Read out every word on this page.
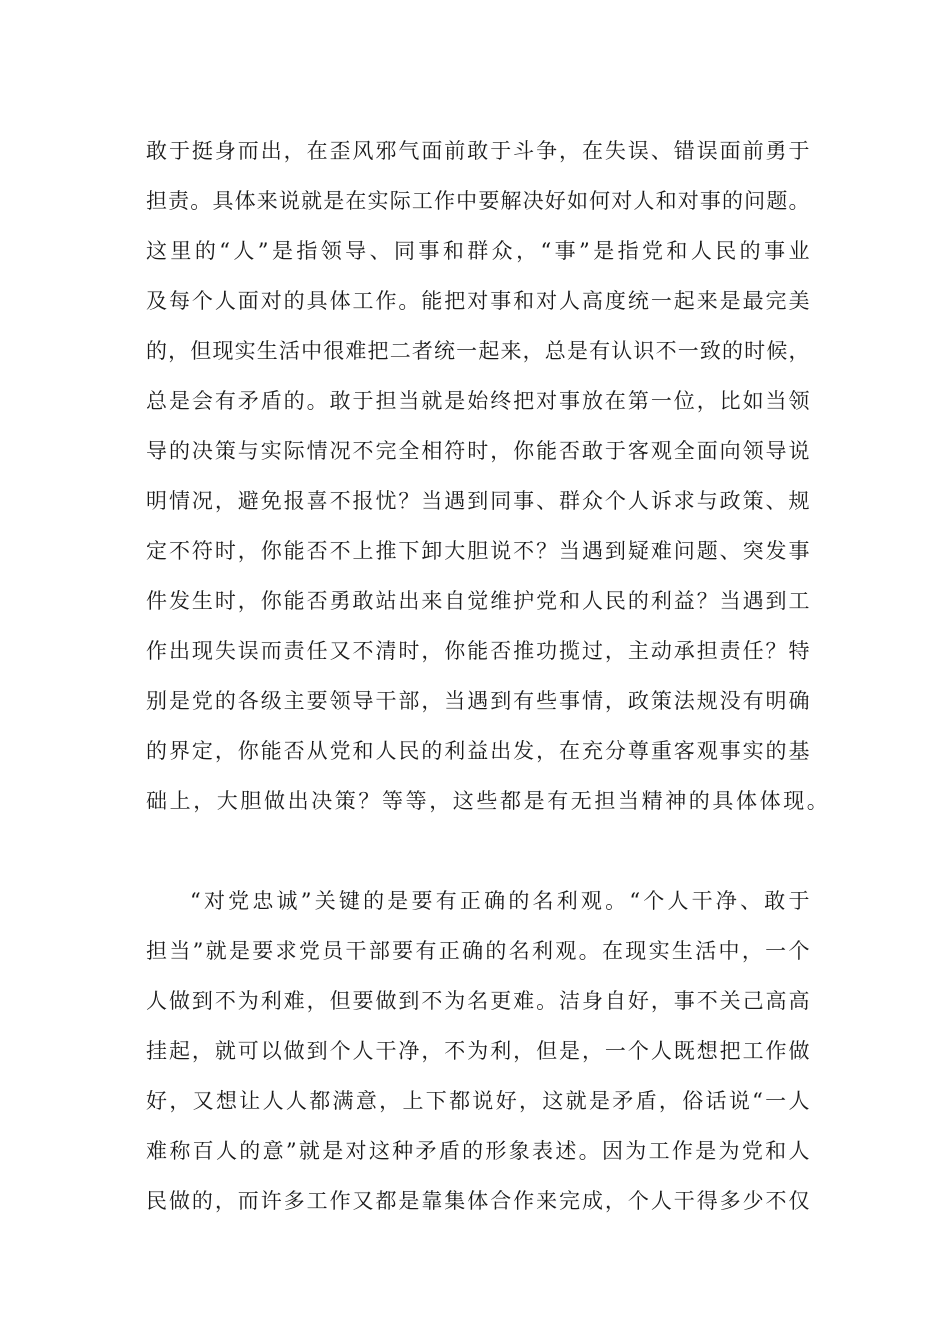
敢于挺身而出，在歪风邪气面前敢于斗争，在失误、错误面前勇于
担责。具体来说就是在实际工作中要解决好如何对人和对事的问题。
这里的“人”是指领导、同事和群众，“事”是指党和人民的事业
及每个人面对的具体工作。能把对事和对人高度统一起来是最完美
的，但现实生活中很难把二者统一起来，总是有认识不一致的时候，
总是会有矛盾的。敢于担当就是始终把对事放在第一位，比如当领
导的决策与实际情况不完全相符时，你能否敢于客观全面向领导说
明情况，避免报喜不报忧？当遇到同事、群众个人诉求与政策、规
定不符时，你能否不上推下卸大胆说不？当遇到疑难问题、突发事
件发生时，你能否勇敢站出来自觉维护党和人民的利益？当遇到工
作出现失误而责任又不清时，你能否推功揽过，主动承担责任？特
别是党的各级主要领导干部，当遇到有些事情，政策法规没有明确
的界定，你能否从党和人民的利益出发，在充分尊重客观事实的基
础上，大胆做出决策？等等，这些都是有无担当精神的具体体现。
“对党忠诚”关键的是要有正确的名利观。“个人干净、敢于
担当”就是要求党员干部要有正确的名利观。在现实生活中，一个
人做到不为利难，但要做到不为名更难。洁身自好，事不关己高高
挂起，就可以做到个人干净，不为利，但是，一个人既想把工作做
好，又想让人人都满意，上下都说好，这就是矛盾，俗话说“一人
难称百人的意”就是对这种矛盾的形象表述。因为工作是为党和人
民做的，而许多工作又都是靠集体合作来完成，个人干得多少不仅
